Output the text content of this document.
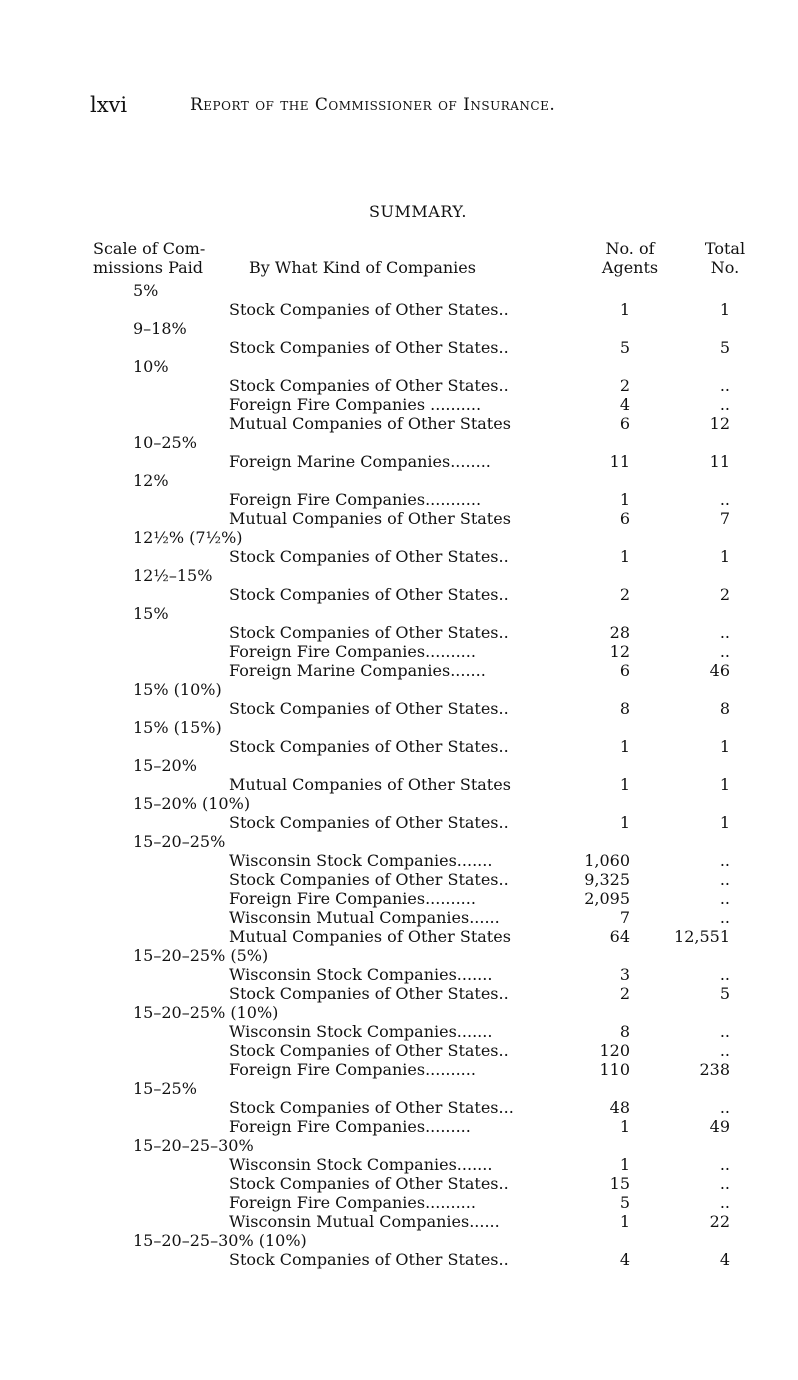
lxvi	Report of the Commissioner of Insurance.
SUMMARY.
Scale of Com-
missions Paid	By What Kind of Companies
No. of
Agents
Total
No.
5%
Stock Companies of Other States..	1	1
9–18%
Stock Companies of Other States..	5	5
10%
Stock Companies of Other States..	2	..
Foreign Fire Companies ..........	4	..
Mutual Companies of Other States	6	12
10–25%
Foreign Marine Companies........	11	11
12%
Foreign Fire Companies...........	1	..
Mutual Companies of Other States	6	7
12½% (7½%)
Stock Companies of Other States..	1	1
12½–15%
Stock Companies of Other States..	2	2
15%
Stock Companies of Other States..	28	..
Foreign Fire Companies..........	12	..
Foreign Marine Companies.......	6	46
15% (10%)
Stock Companies of Other States..	8	8
15% (15%)
Stock Companies of Other States..	1	1
15–20%
Mutual Companies of Other States	1	1
15–20% (10%)
Stock Companies of Other States..	1	1
15–20–25%
Wisconsin Stock Companies.......	1,060	..
Stock Companies of Other States..	9,325	..
Foreign Fire Companies..........	2,095	..
Wisconsin Mutual Companies......	7	..
Mutual Companies of Other States	64	12,551
15–20–25% (5%)
Wisconsin Stock Companies.......	3	..
Stock Companies of Other States..	2	5
15–20–25% (10%)
Wisconsin Stock Companies.......	8	..
Stock Companies of Other States..	120	..
Foreign Fire Companies..........	110	238
15–25%
Stock Companies of Other States...	48	..
Foreign Fire Companies.........	1	49
15–20–25–30%
Wisconsin Stock Companies.......	1	..
Stock Companies of Other States..	15	..
Foreign Fire Companies..........	5	..
Wisconsin Mutual Companies......	1	22
15–20–25–30% (10%)
Stock Companies of Other States..	4	4
